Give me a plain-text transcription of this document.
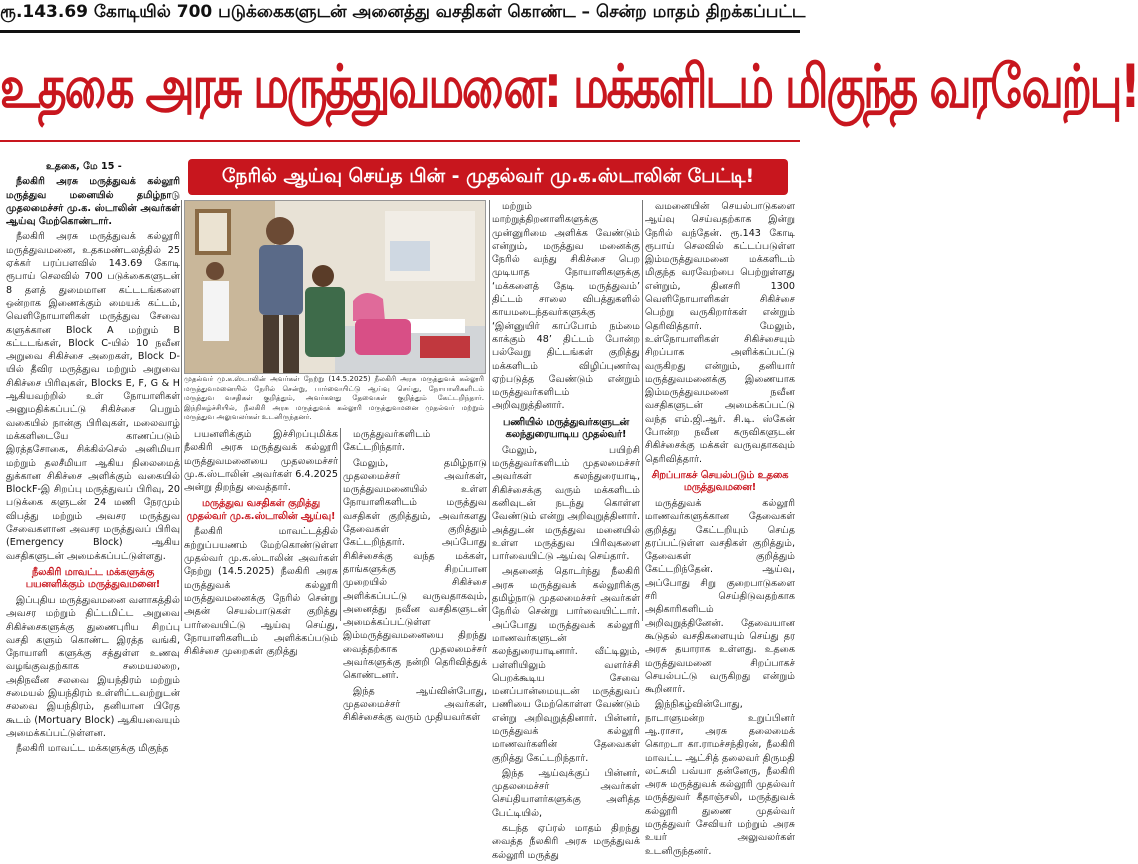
ரூ.143.69 கோடியில் 700 படுக்கைகளுடன் அனைத்து வசதிகள் கொண்ட – சென்ற மாதம் திறக்கப்பட்ட
உதகை அரசு மருத்துவமனை: மக்களிடம் மிகுந்த வரவேற்பு!
நேரில் ஆய்வு செய்த பின் - முதல்வர் மு.க.ஸ்டாலின் பேட்டி!

உதகை, மே 15 -

நீலகிரி அரசு மருத்துவக் கல்லூரி மருத்துவ மனையில் தமிழ்நாடு முதலமைச்சர் மு.க. ஸ்டாலின் அவர்கள் ஆய்வு மேற்கொண்டார்.

நீலகிரி அரசு மருத்துவக் கல்லூரி மருத்துவமனை, உதகமண்டலத்தில் 25 ஏக்கர் பரப்பளவில் 143.69 கோடி ரூபாய் செலவில் 700 படுக்கைகளுடன் 8 தளத் துமைமான கட்டடங்களை ஒன்றாக இணைக்கும் மையக் கட்டம், வெளிநோயாளிகள் மருத்துவ சேவை களுக்கான Block A மற்றும் B கட்டடங்கள், Block C-யில் 10 நவீன அறுவை சிகிச்சை அறைகள், Block D-யில் தீவிர மருத்துவ மற்றும் அறுவை சிகிச்சை பிரிவுகள், Blocks E, F, G & H ஆகியவற்றில் உள் நோயாளிகள் அனுமதிக்கப்பட்டு சிகிச்சை பெறும் வகையில் நான்கு பிரிவுகள், மலைவாழ் மக்களிடையே காணப்படும் இரத்தசோகை, சிக்கில்செல் அனிமியா மற்றும் தலசீமியா ஆகிய நிலைமைத் துக்கான சிகிச்சை அளிக்கும் வகையில் BlockF-இ சிறப்பு மருத்துவப் பிரிவு, 20 படுக்கை களுடன் 24 மணி நேரமும் விபத்து மற்றும் அவசர மருத்துவ சேவைகளான அவசர மருத்துவப் பிரிவு (Emergency Block) ஆகிய வசதிகளுடன் அமைக்கப்பட்டுள்ளது.

நீலகிரி மாவட்ட மக்களுக்கு பயனளிக்கும் மருத்துவமனை!

இப்புதிய மருத்துவமனை வளாகத்தில் அவசர மற்றும் திட்டமிட்ட அறுவை சிகிச்சைகளுக்கு துணைபுரிய சிறப்பு வசதி களும் கொண்ட இரத்த வங்கி, நோயாளி களுக்கு சத்துள்ள உணவு வழங்குவதற்காக சமையலறை, அதிநவீன சலவை இயந்திரம் மற்றும் சமையல் இயந்திரம் உள்ளிட்டவற்றுடன் சலவை இயந்திரம், தனியான பிரேத கூடம் (Mortuary Block) ஆகியவையும் அமைக்கப்பட்டுள்ளன.

நீலகிரி மாவட்ட மக்களுக்கு மிகுந்த

முதல்வர் மு.க.ஸ்டாலின் அவர்கள் நேற்று (14.5.2025) நீலகிரி அரசு மருத்துவக் கல்லூரி மருத்துவமனையில் நேரில் சென்று, பார்வையிட்டு ஆய்வு செய்து, நோயாளிகளிடம் மருத்துவ வசதிகள் குறித்தும், அவர்களது தேவைகள் குறித்தும் கேட்டறிந்தார். இந்நிகழ்ச்சியில், நீலகிரி அரசு மருத்துவக் கல்லூரி மருத்துவமனை முதல்வர் மற்றும் மருத்துவ அலுவலர்கள் உடனிருந்தனர்.

பயனளிக்கும் இச்சிறப்புமிக்க நீலகிரி அரசு மருத்துவக் கல்லூரி மருத்துவமனையை முதலமைச்சர் மு.க.ஸ்டாலின் அவர்கள் 6.4.2025 அன்று திறந்து வைத்தார்.

மருத்துவ வசதிகள் குறித்து முதல்வர் மு.க.ஸ்டாலின் ஆய்வு!

நீலகிரி மாவட்டத்தில் சுற்றுப்பயணம் மேற்கொண்டுள்ள முதல்வர் மு.க.ஸ்டாலின் அவர்கள் நேற்று (14.5.2025) நீலகிரி அரசு மருத்துவக் கல்லூரி மருத்துவமனைக்கு நேரில் சென்று அதன் செயல்பாடுகள் குறித்து பார்வையிட்டு ஆய்வு செய்து, நோயாளிகளிடம் அளிக்கப்படும் சிகிச்சை முறைகள் குறித்து

மருத்துவர்களிடம் கேட்டறிந்தார்.

மேலும், தமிழ்நாடு முதலமைச்சர் அவர்கள், மருத்துவமனையில் உள்ள நோயாளிகளிடம் மருத்துவ வசதிகள் குறித்தும், அவர்களது தேவைகள் குறித்தும் கேட்டறிந்தார். அப்போது சிகிச்சைக்கு வந்த மக்கள், தாங்களுக்கு சிறப்பான முறையில் சிகிச்சை அளிக்கப்பட்டு வருவதாகவும், அனைத்து நவீன வசதிகளுடன் அமைக்கப்பட்டுள்ள இம்மருத்துவமனையை திறந்து வைத்தற்காக முதலமைச்சர் அவர்களுக்கு நன்றி தெரிவித்துக் கொண்டனர்.

இந்த ஆய்வின்போது, முதலமைச்சர் அவர்கள், சிகிச்சைக்கு வரும் முதியவர்கள்

மற்றும் மாற்றுத்திறனாளிகளுக்கு முன்னுரிமை அளிக்க வேண்டும் என்றும், மருத்துவ மனைக்கு நேரில் வந்து சிகிச்சை பெற முடியாத நோயாளிகளுக்கு ‘மக்களைத் தேடி மருத்துவம்’ திட்டம் சாலை விபத்துகளில் காயமடைந்தவர்களுக்கு ‘இன்னுயிர் காப்போம் நம்மை காக்கும் 48’ திட்டம் போன்ற பல்வேறு திட்டங்கள் குறித்து மக்களிடம் விழிப்புணர்வு ஏற்படுத்த வேண்டும் என்றும் மருத்துவர்களிடம் அறிவுறுத்தினார்.

பணியில் மருத்துவர்களுடன் கலந்துரையாடிய முதல்வர்!

மேலும், பயிற்சி மருத்துவர்களிடம் முதலமைச்சர் அவர்கள் கலந்துரையாடி, சிகிச்சைக்கு வரும் மக்களிடம் கனிவுடன் நடந்து கொள்ள வேண்டும் என்று அறிவுறுத்தினார். அத்துடன் மருத்துவ மனையில் உள்ள மருத்துவ பிரிவுகளை பார்வையிட்டு ஆய்வு செய்தார்.

அதனைத் தொடர்ந்து நீலகிரி அரசு மருத்துவக் கல்லூரிக்கு தமிழ்நாடு முதலமைச்சர் அவர்கள் நேரில் சென்று பார்வையிட்டார். அப்போது மருத்துவக் கல்லூரி மாணவர்களுடன் கலந்துரையாடினார். வீட்டிலும், பள்ளியிலும் வளர்ச்சி பெறக்கூடிய சேவை மனப்பான்மையுடன் மருத்துவப் பணியை மேற்கொள்ள வேண்டும் என்று அறிவுறுத்தினார். பின்னர், மருத்துவக் கல்லூரி மாணவர்களின் தேவைகள் குறித்து கேட்டறிந்தார்.

இந்த ஆய்வுக்குப் பின்னர், முதலமைச்சர் அவர்கள் செய்தியாளர்களுக்கு அளித்த பேட்டியில்,

கடந்த ஏப்ரல் மாதம் திறந்து வைத்த நீலகிரி அரசு மருத்துவக் கல்லூரி மருத்து

வமனையின் செயல்பாடுகளை ஆய்வு செய்வதற்காக இன்று நேரில் வந்தேன். ரூ.143 கோடி ரூபாய் செலவில் கட்டப்படுள்ள இம்மருத்துவமனை மக்களிடம் மிகுந்த வரவேற்பை பெற்றுள்ளது என்றும், தினசரி 1300 வெளிநோயாளிகள் சிகிச்சை பெற்று வருகிறார்கள் என்றும் தெரிவித்தார். மேலும், உள்நோயாளிகள் சிகிச்சையும் சிறப்பாக அளிக்கப்பட்டு வருகிறது என்றும், தனியார் மருத்துவமனைக்கு இணையாக இம்மருத்துவமனை நவீன வசதிகளுடன் அமைக்கப்பட்டு வந்த எம்.ஜி.ஆர். சி.டி. ஸ்கேன் போன்ற நவீன கருவிகளுடன் சிகிச்சைக்கு மக்கள் வருவதாகவும் தெரிவித்தார்.

சிறப்பாகச் செயல்படும் உதகை மருத்துவமனை!

மருத்துவக் கல்லூரி மாணவர்களுக்கான தேவைகள் குறித்து கேட்டறியும் செய்த தரப்பட்டுள்ள வசதிகள் குறித்தும், தேவைகள் குறித்தும் கேட்டறிந்தேன். ஆய்வு, அப்போது சிறு குறைபாடுகளை சரி செய்திடுவதற்காக அதிகாரிகளிடம் அறிவுறுத்தினேன். தேவையான கூடுதல் வசதிகளையும் செய்து தர அரசு தயாராக உள்ளது. உதகை மருத்துவமனை சிறப்பாகச் செயல்பட்டு வருகிறது என்றும் கூறினார்.

இந்நிகழ்வின்போது, நாடாளுமன்ற உறுப்பினர் ஆ.ராசா, அரசு தலைமைக் கொறடா கா.ராமச்சந்திரன், நீலகிரி மாவட்ட ஆட்சித் தலைவர் திருமதி லட்சுமி பவ்யா தன்னேரு, நீலகிரி அரசு மருத்துவக் கல்லூரி முதல்வர் மருத்துவர் கீதாஞ்சலி, மருத்துவக் கல்லூரி துணை முதல்வர் மருத்துவர் சேவியர் மற்றும் அரசு உயர் அலுவலர்கள் உடனிருந்தனர்.
